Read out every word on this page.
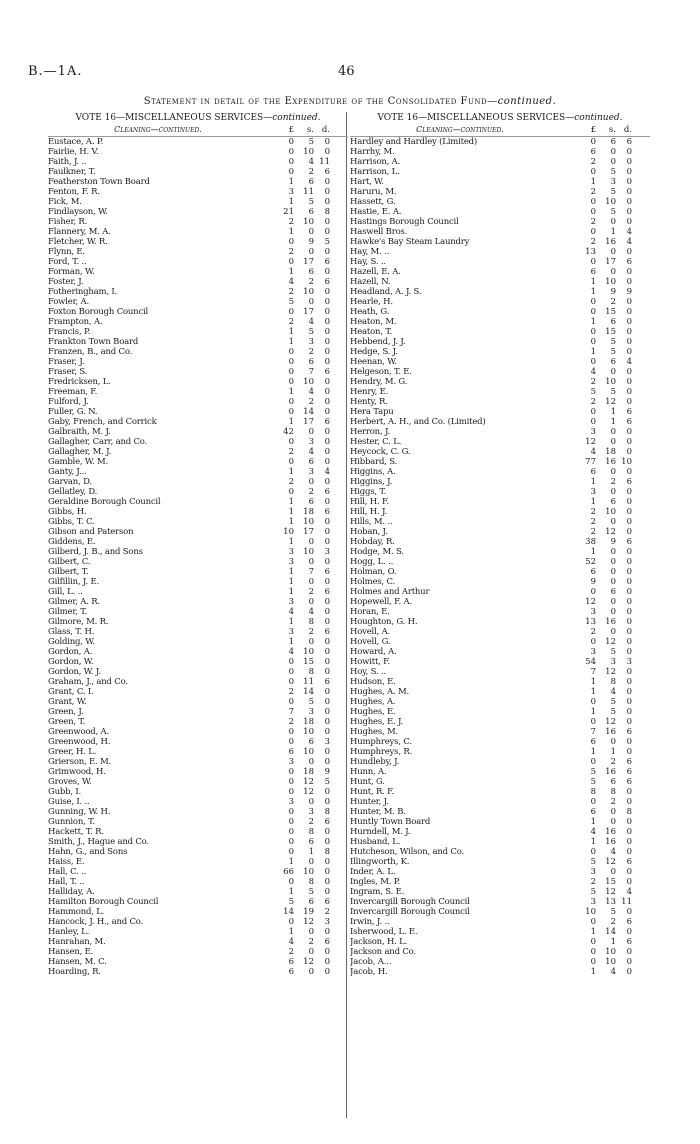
B.—1A.	46
Statement in detail of the Expenditure of the Consolidated Fund—continued.
VOTE 16—MISCELLANEOUS SERVICES—continued.
Cleaning—continued.	£	s. d.
Eustace, A. P.	0	5	0
Fairlie, H. V.	0	10	0
Faith, J. ..	0	4 11
Faulkner, T.	0	2	6
Featherston Town Board	1	6	0
Fenton, F. R.	3	11	0
Fick, M.	1	5	0
Findlayson, W.	21	6	8
Fisher, R.	2	10	0
Flannery, M. A.	1	0	0
Fletcher, W. R.	0	9	5
Flynn, E.	2	0	0
Ford, T. ..	0	17	6
Forman, W.	1	6	0
Foster, J.	4	2	6
Fotheringham, I.	2	10	0
Fowler, A.	5	0	0
Foxton Borough Council	0	17	0
Frampton, A.	2	4	0
Francis, P.	1	5	0
Frankton Town Board	1	3	0
Franzen, B., and Co.	0	2	0
Fraser, J.	0	6	0
Fraser, S.	0	7	6
Fredricksen, L.	0	10	0
Freeman, F.	1	4	0
Fulford, J.	0	2	0
Fuller, G. N.	0	14	0
Gaby, French, and Corrick	1	17	6
Galbraith, M. J.	42	0	0
Gallagher, Carr, and Co.	0	3	0
Gallagher, M. J.	2	4	0
Gamble, W. M.	0	6	0
Ganty, J...	1	3	4
Garvan, D.	2	0	0
Gellatley, D.	0	2	6
Geraldine Borough Council	1	6	0
Gibbs, H.	1	18	6
Gibbs, T. C.	1	10	0
Gibson and Paterson	10	17	0
Giddens, E.	1	0	0
Gilberd, J. B., and Sons	3	10	3
Gilbert, C.	3	0	0
Gilbert, T.	1	7	6
Gilfillin, J. E.	1	0	0
Gill, L. ..	1	2	6
Gilmer, A. R.	3	0	0
Gilmer, T.	4	4	0
Gilmore, M. R.	1	8	0
Glass, T. H.	3	2	6
Golding, W.	1	0	0
Gordon, A.	4	10	0
Gordon, W.	0	15	0
Gordon, W. J.	0	8	0
Graham, J., and Co.	0	11	6
Grant, C. I.	2	14	0
Grant, W.	0	5	0
Green, J.	7	3	0
Green, T.	2	18	0
Greenwood, A.	0	10	0
Greenwood, H.	0	6	3
Greer, H. L.	6	10	0
Grierson, E. M.	3	0	0
Grimwood, H.	0	18	9
Groves, W.	0	12	5
Gubb, I.	0	12	0
Guise, I. ..	3	0	0
Gunning, W. H.	0	3	8
Gunnion, T.	0	2	6
Hackett, T. R.	0	8	0
Smith, J., Hague and Co.	0	6	0
Hahn, G., and Sons	0	1	8
Haiss, E.	1	0	0
Hall, C. ..	66	10	0
Hall, T. ..	0	8	0
Halliday, A.	1	5	0
Hamilton Borough Council	5	6	6
Hammond, L.	14	19	2
Hancock, J. H., and Co.	0	12	3
Hanley, L.	1	0	0
Hanrahan, M.	4	2	6
Hansen, E.	2	0	0
Hansen, M. C.	6	12	0
Hoarding, R.	6	0	0
VOTE 16—MISCELLANEOUS SERVICES—continued.
Cleaning—continued.	£	s. d.
Hardley and Hardley (Limited)	0	6	6
Harrhy, M.	6	0	0
Harrison, A.	2	0	0
Harrison, L.	0	5	0
Hart, W.	1	3	0
Haruru, M.	2	5	0
Hassett, G.	0	10	0
Hastie, E. A.	0	5	0
Hastings Borough Council	2	0	0
Haswell Bros.	0	1	4
Hawke's Bay Steam Laundry	2	16	4
Hay, M. ..	13	0	0
Hay, S. ..	0	17	6
Hazell, E. A.	6	0	0
Hazell, N.	1	10	0
Headland, A. J. S.	1	9	9
Hearle, H.	0	2	0
Heath, G.	0	15	0
Heaton, M.	1	6	0
Heaton, T.	0	15	0
Hebbend, J. J.	0	5	0
Hedge, S. J.	1	5	0
Heenan, W.	0	6	4
Helgeson, T. E.	4	0	0
Hendry, M. G.	2	10	0
Henry, E.	5	5	0
Henty, R.	2	12	0
Hera Tapu	0	1	6
Herbert, A. H., and Co. (Limited)	0	1	6
Herron, J.	3	0	0
Hester, C. L.	12	0	0
Heycock, C. G.	4	18	0
Hibbard, S.	77	16 10
Higgins, A.	6	0	0
Higgins, J.	1	2	6
Higgs, T.	3	0	0
Hill, H. F.	1	6	0
Hill, H. J.	2	10	0
Hills, M. ..	2	0	0
Hoban, J.	2	12	0
Hobday, R.	38	9	6
Hodge, M. S.	1	0	0
Hogg, L. ..	52	0	0
Holman, O.	6	0	0
Holmes, C.	9	0	0
Holmes and Arthur	0	6	0
Hopewell, F. A.	12	0	0
Horan, E.	3	0	0
Houghton, G. H.	13	16	0
Hovell, A.	2	0	0
Hovell, G.	0	12	0
Howard, A.	3	5	0
Howitt, F.	54	3	3
Hoy, S. ..	7	12	0
Hudson, E.	1	8	0
Hughes, A. M.	1	4	0
Hughes, A.	0	5	0
Hughes, E.	1	5	0
Hughes, E. J.	0	12	0
Hughes, M.	7	16	6
Humphreys, C.	6	0	0
Humphreys, R.	1	1	0
Hundleby, J.	0	2	6
Hunn, A.	5	16	6
Hunt, G.	5	6	6
Hunt, R. F.	8	8	0
Hunter, J.	0	2	0
Hunter, M. B.	6	0	8
Huntly Town Board	1	0	0
Hurndell, M. J.	4	16	0
Husband, L.	1	16	0
Hutcheson, Wilson, and Co.	0	4	0
Illingworth, K.	5	12	6
Inder, A. L.	3	0	0
Ingles, M. P.	2	15	0
Ingram, S. E.	5	12	4
Invercargill Borough Council	3	13 11
Invercargill Borough Council	10	5	0
Irwin, J. ..	0	2	6
Isherwood, L. E.	1	14	0
Jackson, H. L.	0	1	6
Jackson and Co.	0	10	0
Jacob, A...	0	10	0
Jacob, H.	1	4	0
